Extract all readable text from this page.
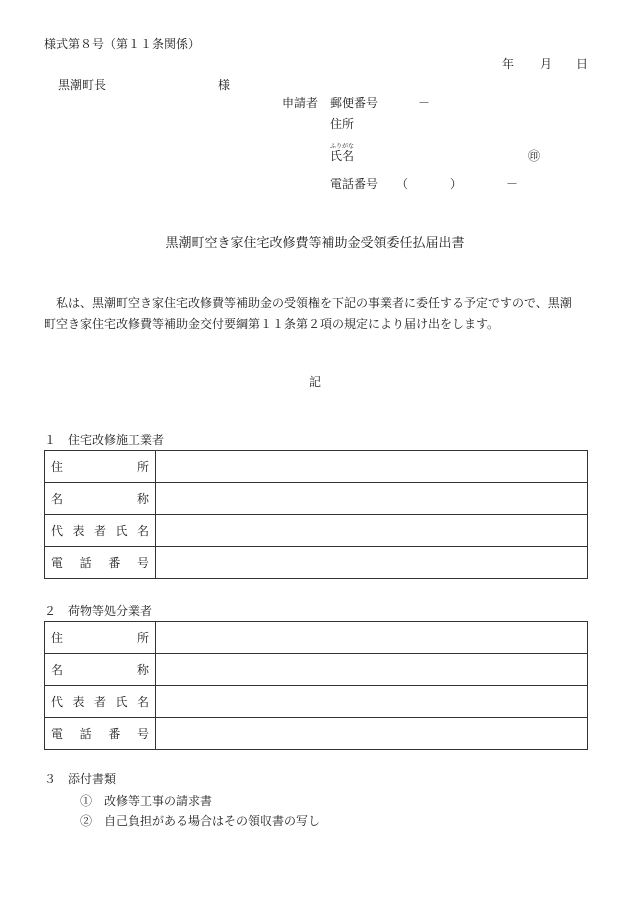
様式第８号（第１１条関係）
年 月 日
黒潮町長	様
申請者 郵便番号	－
住所
ふりがな
氏名	㊞
電話番号 （	）	－
黒潮町空き家住宅改修費等補助金受領委任払届出書
　私は、黒潮町空き家住宅改修費等補助金の受領権を下記の事業者に委任する予定ですので、黒潮
町空き家住宅改修費等補助金交付要綱第１１条第２項の規定により届け出をします。
記
１　住宅改修施工業者
住 所	

名 称	

代 表 者 氏 名	

電 話 番 号	

２　荷物等処分業者
住 所	

名 称	

代 表 者 氏 名	

電 話 番 号	

３　添付書類
①　改修等工事の請求書
②　自己負担がある場合はその領収書の写し
